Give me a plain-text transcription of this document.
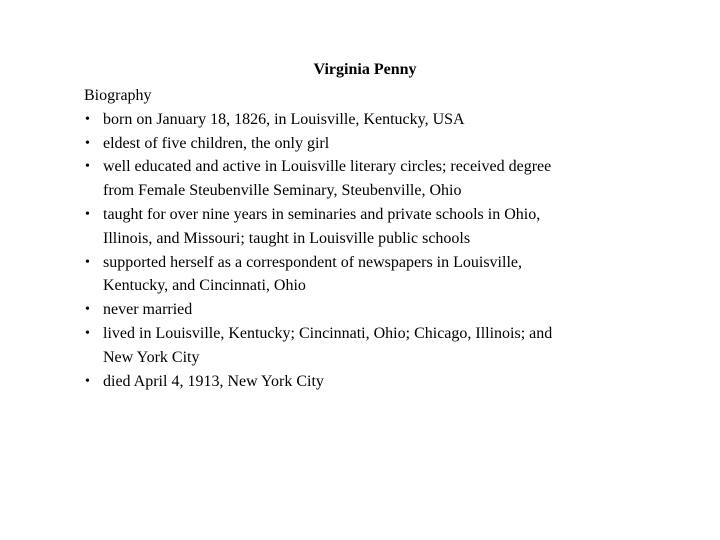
Virginia Penny
Biography
• born on January 18, 1826, in Louisville, Kentucky, USA
• eldest of five children, the only girl
• well educated and active in Louisville literary circles; received degree
from Female Steubenville Seminary, Steubenville, Ohio
• taught for over nine years in seminaries and private schools in Ohio,
Illinois, and Missouri; taught in Louisville public schools
• supported herself as a correspondent of newspapers in Louisville,
Kentucky, and Cincinnati, Ohio
• never married
• lived in Louisville, Kentucky; Cincinnati, Ohio; Chicago, Illinois; and
New York City
• died April 4, 1913, New York City
